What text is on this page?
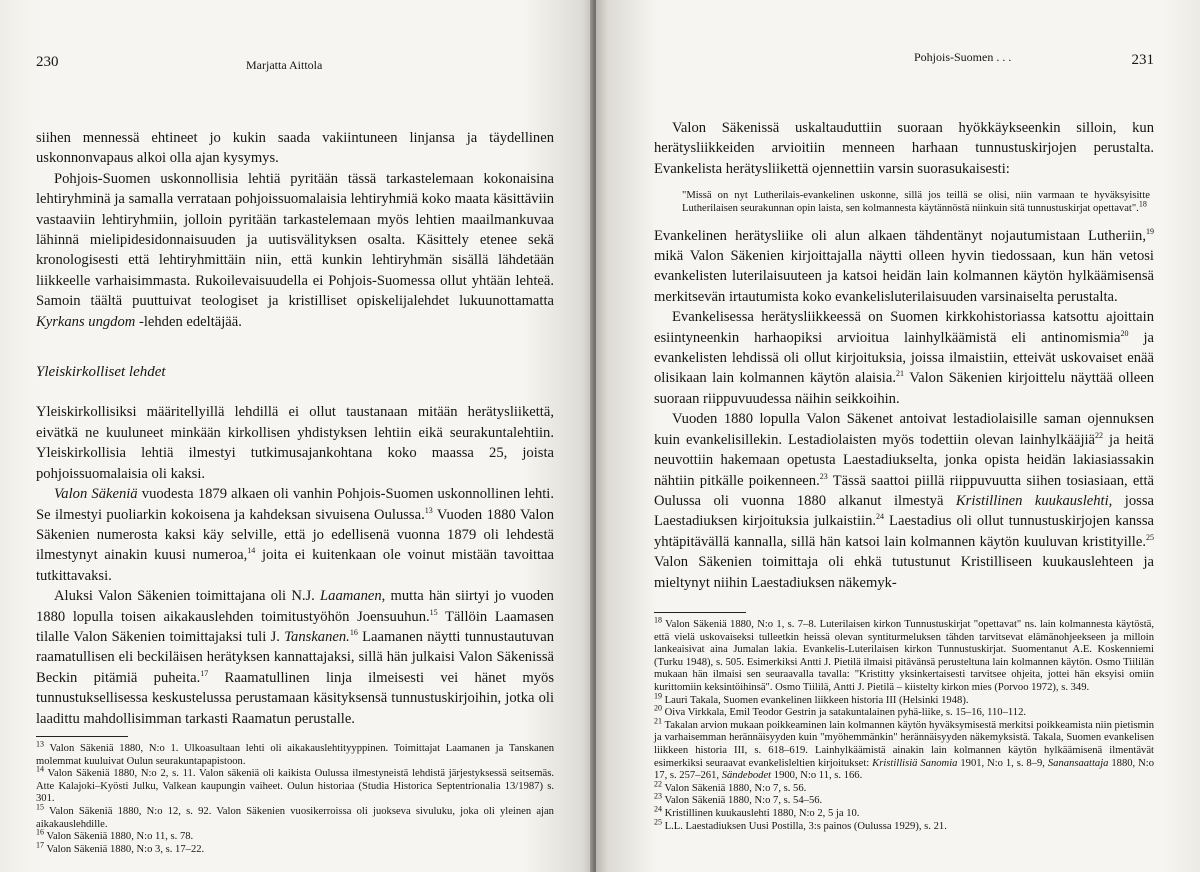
230	Marjatta Aittola

siihen mennessä ehtineet jo kukin saada vakiintuneen linjansa ja täydellinen uskonnonvapaus alkoi olla ajan kysymys.

Pohjois-Suomen uskonnollisia lehtiä pyritään tässä tarkastelemaan kokonaisina lehtiryhminä ja samalla verrataan pohjoissuomalaisia lehtiryhmiä koko maata käsittäviin vastaaviin lehtiryhmiin, jolloin pyritään tarkastelemaan myös lehtien maailmankuvaa lähinnä mielipidesidonnaisuuden ja uutisvälityksen osalta. Käsittely etenee sekä kronologisesti että lehtiryhmittäin niin, että kunkin lehtiryhmän sisällä lähdetään liikkeelle varhaisimmasta. Rukoilevaisuudella ei Pohjois-Suomessa ollut yhtään lehteä. Samoin täältä puuttuivat teologiset ja kristilliset opiskelijalehdet lukuunottamatta Kyrkans ungdom -lehden edeltäjää.

Yleiskirkolliset lehdet

Yleiskirkollisiksi määritellyillä lehdillä ei ollut taustanaan mitään herätysliikettä, eivätkä ne kuuluneet minkään kirkollisen yhdistyksen lehtiin eikä seurakuntalehtiin. Yleiskirkollisia lehtiä ilmestyi tutkimusajankohtana koko maassa 25, joista pohjoissuomalaisia oli kaksi.

Valon Säkeniä vuodesta 1879 alkaen oli vanhin Pohjois-Suomen uskonnollinen lehti. Se ilmestyi puoliarkin kokoisena ja kahdeksan sivuisena Oulussa.$^{13}$ Vuoden 1880 Valon Säkenien numerosta kaksi käy selville, että jo edellisenä vuonna 1879 oli lehdestä ilmestynyt ainakin kuusi numeroa,$^{14}$ joita ei kuitenkaan ole voinut mistään tavoittaa tutkittavaksi.

Aluksi Valon Säkenien toimittajana oli N.J. Laamanen, mutta hän siirtyi jo vuoden 1880 lopulla toisen aikakauslehden toimitustyöhön Joensuuhun.$^{15}$ Tällöin Laamasen tilalle Valon Säkenien toimittajaksi tuli J. Tanskanen.$^{16}$ Laamanen näytti tunnustautuvan raamatullisen eli beckiläisen herätyksen kannattajaksi, sillä hän julkaisi Valon Säkenissä Beckin pitämiä puheita.$^{17}$ Raamatullinen linja ilmeisesti vei hänet myös tunnustuksellisessa keskustelussa perustamaan käsityksensä tunnustuskirjoihin, jotka oli laadittu mahdollisimman tarkasti Raamatun perustalle.

$^{13}$ Valon Säkeniä 1880, N:o 1. Ulkoasultaan lehti oli aikakauslehtityyppinen. Toimittajat Laamanen ja Tanskanen molemmat kuuluivat Oulun seurakuntapapistoon.

$^{14}$ Valon Säkeniä 1880, N:o 2, s. 11. Valon säkeniä oli kaikista Oulussa ilmestyneistä lehdistä järjestyksessä seitsemäs. Atte Kalajoki–Kyösti Julku, Valkean kaupungin vaiheet. Oulun historiaa (Studia Historica Septentrionalia 13/1987) s. 301.

$^{15}$ Valon Säkeniä 1880, N:o 12, s. 92. Valon Säkenien vuosikerroissa oli juokseva sivuluku, joka oli yleinen ajan aikakauslehdille.

$^{16}$ Valon Säkeniä 1880, N:o 11, s. 78.

$^{17}$ Valon Säkeniä 1880, N:o 3, s. 17–22.

Pohjois-Suomen . . .	231

Valon Säkenissä uskaltauduttiin suoraan hyökkäykseenkin silloin, kun herätysliikkeiden arvioitiin menneen harhaan tunnustuskirjojen perustalta. Evankelista herätysliikettä ojennettiin varsin suorasukaisesti:

"Missä on nyt Lutherilais-evankelinen uskonne, sillä jos teillä se olisi, niin varmaan te hyväksyisitte Lutherilaisen seurakunnan opin laista, sen kolmannesta käytännöstä niinkuin sitä tunnustuskirjat opettavat".$^{18}$

Evankelinen herätysliike oli alun alkaen tähdentänyt nojautumistaan Lutheriin,$^{19}$ mikä Valon Säkenien kirjoittajalla näytti olleen hyvin tiedossaan, kun hän vetosi evankelisten luterilaisuuteen ja katsoi heidän lain kolmannen käytön hylkäämisensä merkitsevän irtautumista koko evankelisluterilaisuuden varsinaiselta perustalta.

Evankelisessa herätysliikkeessä on Suomen kirkkohistoriassa katsottu ajoittain esiintyneenkin harhaopiksi arvioitua lainhylkäämistä eli antinomismia$^{20}$ ja evankelisten lehdissä oli ollut kirjoituksia, joissa ilmaistiin, etteivät uskovaiset enää olisikaan lain kolmannen käytön alaisia.$^{21}$ Valon Säkenien kirjoittelu näyttää olleen suoraan riippuvuudessa näihin seikkoihin.

Vuoden 1880 lopulla Valon Säkenet antoivat lestadiolaisille saman ojennuksen kuin evankelisillekin. Lestadiolaisten myös todettiin olevan lainhylkääjiä$^{22}$ ja heitä neuvottiin hakemaan opetusta Laestadiukselta, jonka opista heidän lakiasiassakin nähtiin pitkälle poikenneen.$^{23}$ Tässä saattoi piillä riippuvuutta siihen tosiasiaan, että Oulussa oli vuonna 1880 alkanut ilmestyä Kristillinen kuukauslehti, jossa Laestadiuksen kirjoituksia julkaistiin.$^{24}$ Laestadius oli ollut tunnustuskirjojen kanssa yhtäpitävällä kannalla, sillä hän katsoi lain kolmannen käytön kuuluvan kristityille.$^{25}$ Valon Säkenien toimittaja oli ehkä tutustunut Kristilliseen kuukauslehteen ja mieltynyt niihin Laestadiuksen näkemyk-

$^{18}$ Valon Säkeniä 1880, N:o 1, s. 7–8. Luterilaisen kirkon Tunnustuskirjat "opettavat" ns. lain kolmannesta käytöstä, että vielä uskovaiseksi tulleetkin heissä olevan syntiturmeluksen tähden tarvitsevat elämänohjeekseen ja milloin lankeaisivat aina Jumalan lakia. Evankelis-Luterilaisen kirkon Tunnustuskirjat. Suomentanut A.E. Koskenniemi (Turku 1948), s. 505. Esimerkiksi Antti J. Pietilä ilmaisi pitävänsä perusteltuna lain kolmannen käytön. Osmo Tiililän mukaan hän ilmaisi sen seuraavalla tavalla: "Kristitty yksinkertaisesti tarvitsee ohjeita, jottei hän eksyisi omiin kurittomiin keksintöihinsä". Osmo Tiililä, Antti J. Pietilä – kiistelty kirkon mies (Porvoo 1972), s. 349.

$^{19}$ Lauri Takala, Suomen evankelinen liikkeen historia III (Helsinki 1948).

$^{20}$ Oiva Virkkala, Emil Teodor Gestrin ja satakuntalainen pyhä-liike, s. 15–16, 110–112.

$^{21}$ Takalan arvion mukaan poikkeaminen lain kolmannen käytön hyväksymisestä merkitsi poikkeamista niin pietismin ja varhaisemman herännäisyyden kuin "myöhemmänkin" herännäisyyden näkemyksistä. Takala, Suomen evankelisen liikkeen historia III, s. 618–619. Lainhylkäämistä ainakin lain kolmannen käytön hylkäämisenä ilmentävät esimerkiksi seuraavat evankelisleltien kirjoitukset: Kristillisiä Sanomia 1901, N:o 1, s. 8–9, Sanansaattaja 1880, N:o 17, s. 257–261, Sändebodet 1900, N:o 11, s. 166.

$^{22}$ Valon Säkeniä 1880, N:o 7, s. 56.

$^{23}$ Valon Säkeniä 1880, N:o 7, s. 54–56.

$^{24}$ Kristillinen kuukauslehti 1880, N:o 2, 5 ja 10.

$^{25}$ L.L. Laestadiuksen Uusi Postilla, 3:s painos (Oulussa 1929), s. 21.
